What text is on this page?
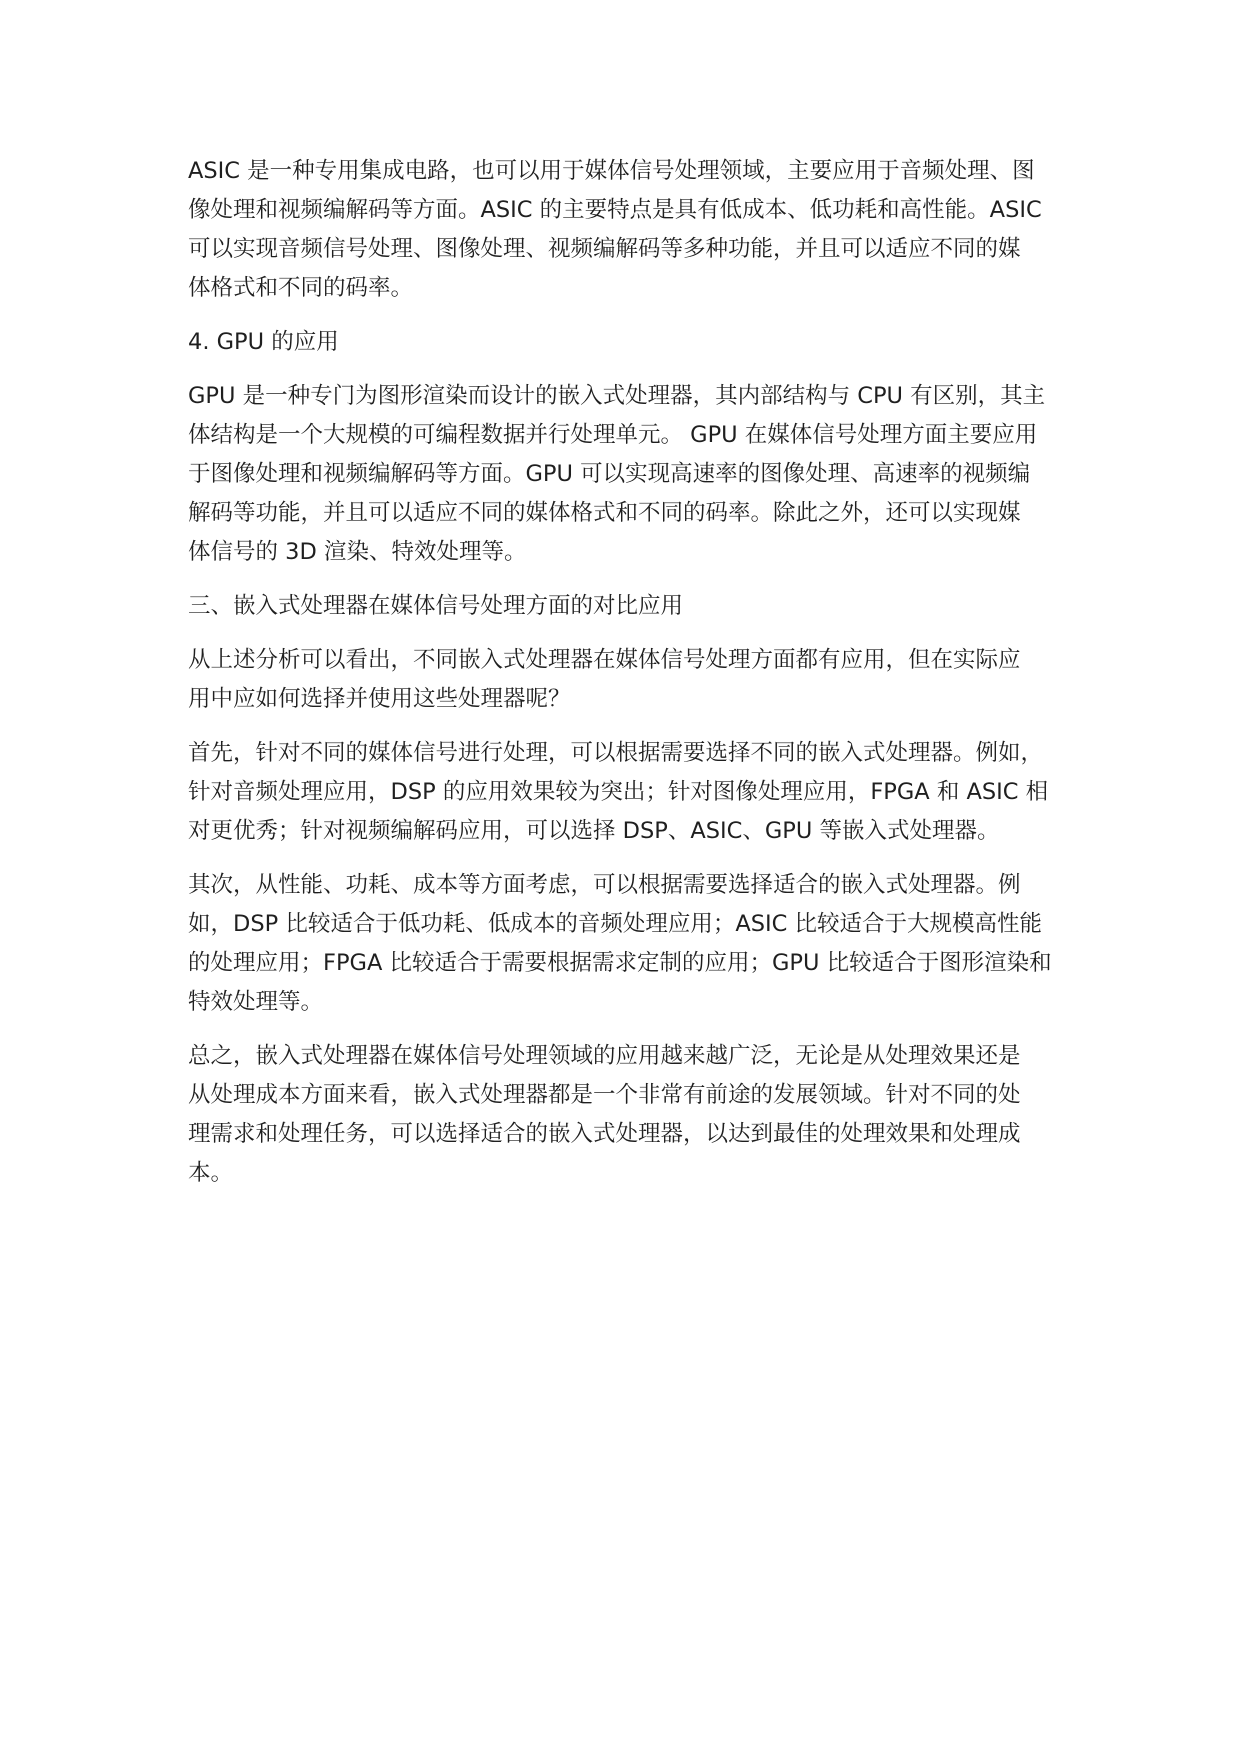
ASIC 是一种专用集成电路，也可以用于媒体信号处理领域，主要应用于音频处理、图
像处理和视频编解码等方面。ASIC 的主要特点是具有低成本、低功耗和高性能。ASIC
可以实现音频信号处理、图像处理、视频编解码等多种功能，并且可以适应不同的媒
体格式和不同的码率。

4. GPU 的应用

GPU 是一种专门为图形渲染而设计的嵌入式处理器，其内部结构与 CPU 有区别，其主
体结构是一个大规模的可编程数据并行处理单元。 GPU 在媒体信号处理方面主要应用
于图像处理和视频编解码等方面。GPU 可以实现高速率的图像处理、高速率的视频编
解码等功能，并且可以适应不同的媒体格式和不同的码率。除此之外，还可以实现媒
体信号的 3D 渲染、特效处理等。

三、嵌入式处理器在媒体信号处理方面的对比应用

从上述分析可以看出，不同嵌入式处理器在媒体信号处理方面都有应用，但在实际应
用中应如何选择并使用这些处理器呢？

首先，针对不同的媒体信号进行处理，可以根据需要选择不同的嵌入式处理器。例如，
针对音频处理应用，DSP 的应用效果较为突出；针对图像处理应用，FPGA 和 ASIC 相
对更优秀；针对视频编解码应用，可以选择 DSP、ASIC、GPU 等嵌入式处理器。

其次，从性能、功耗、成本等方面考虑，可以根据需要选择适合的嵌入式处理器。例
如，DSP 比较适合于低功耗、低成本的音频处理应用；ASIC 比较适合于大规模高性能
的处理应用；FPGA 比较适合于需要根据需求定制的应用；GPU 比较适合于图形渲染和
特效处理等。

总之，嵌入式处理器在媒体信号处理领域的应用越来越广泛，无论是从处理效果还是
从处理成本方面来看，嵌入式处理器都是一个非常有前途的发展领域。针对不同的处
理需求和处理任务，可以选择适合的嵌入式处理器，以达到最佳的处理效果和处理成
本。
